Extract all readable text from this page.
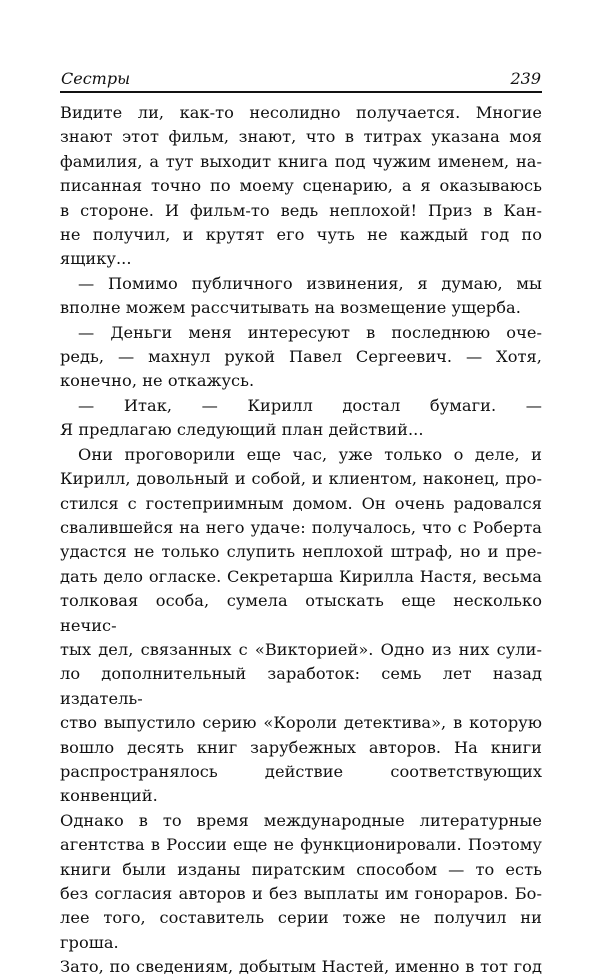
Сестры	239

Видите ли, как-то несолидно получается. Многие

знают этот фильм, знают, что в титрах указана моя

фамилия, а тут выходит книга под чужим именем, на-

писанная точно по моему сценарию, а я оказываюсь

в стороне. И фильм-то ведь неплохой! Приз в Кан-

не получил, и крутят его чуть не каждый год по

ящику...

— Помимо публичного извинения, я думаю, мы

вполне можем рассчитывать на возмещение ущерба.

— Деньги меня интересуют в последнюю оче-

редь, — махнул рукой Павел Сергеевич. — Хотя,

конечно, не откажусь.

— Итак, — Кирилл достал бумаги. —

Я предлагаю следующий план действий...

Они проговорили еще час, уже только о деле, и

Кирилл, довольный и собой, и клиентом, наконец, про-

стился с гостеприимным домом. Он очень радовался

свалившейся на него удаче: получалось, что с Роберта

удастся не только слупить неплохой штраф, но и пре-

дать дело огласке. Секретарша Кирилла Настя, весьма

толковая особа, сумела отыскать еще несколько нечис-

тых дел, связанных с «Викторией». Одно из них сули-

ло дополнительный заработок: семь лет назад издатель-

ство выпустило серию «Короли детектива», в которую

вошло десять книг зарубежных авторов. На книги

распространялось действие соответствующих конвенций.

Однако в то время международные литературные

агентства в России еще не функционировали. Поэтому

книги были изданы пиратским способом — то есть

без согласия авторов и без выплаты им гонораров. Бо-

лее того, составитель серии тоже не получил ни гроша.

Зато, по сведениям, добытым Настей, именно в тот год
